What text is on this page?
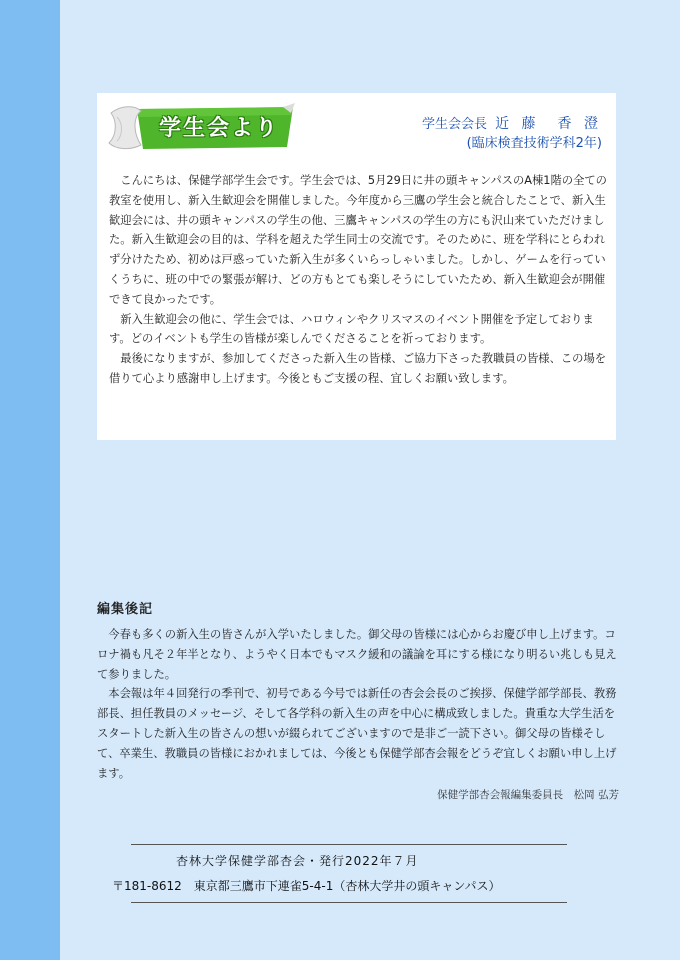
学生会より	学生会会長 近 藤　香 澄
(臨床検査技術学科2年)

こんにちは、保健学部学生会です。学生会では、5月29日に井の頭キャンパスのA棟1階の全ての教室を使用し、新入生歓迎会を開催しました。今年度から三鷹の学生会と統合したことで、新入生歓迎会には、井の頭キャンパスの学生の他、三鷹キャンパスの学生の方にも沢山来ていただけました。新入生歓迎会の目的は、学科を超えた学生同士の交流です。そのために、班を学科にとらわれず分けたため、初めは戸惑っていた新入生が多くいらっしゃいました。しかし、ゲームを行っていくうちに、班の中での緊張が解け、どの方もとても楽しそうにしていたため、新入生歓迎会が開催できて良かったです。

新入生歓迎会の他に、学生会では、ハロウィンやクリスマスのイベント開催を予定しております。どのイベントも学生の皆様が楽しんでくださることを祈っております。

最後になりますが、参加してくださった新入生の皆様、ご協力下さった教職員の皆様、この場を借りて心より感謝申し上げます。今後ともご支援の程、宜しくお願い致します。

編集後記

今春も多くの新入生の皆さんが入学いたしました。御父母の皆様には心からお慶び申し上げます。コロナ禍も凡そ２年半となり、ようやく日本でもマスク緩和の議論を耳にする様になり明るい兆しも見えて参りました。

本会報は年４回発行の季刊で、初号である今号では新任の杏会会長のご挨拶、保健学部学部長、教務部長、担任教員のメッセージ、そして各学科の新入生の声を中心に構成致しました。貴重な大学生活をスタートした新入生の皆さんの想いが綴られてございますので是非ご一読下さい。御父母の皆様そして、卒業生、教職員の皆様におかれましては、今後とも保健学部杏会報をどうぞ宜しくお願い申し上げます。

保健学部杏会報編集委員長　松岡 弘芳
杏林大学保健学部杏会・発行2022年７月
〒181-8612　東京都三鷹市下連雀5-4-1（杏林大学井の頭キャンパス）
